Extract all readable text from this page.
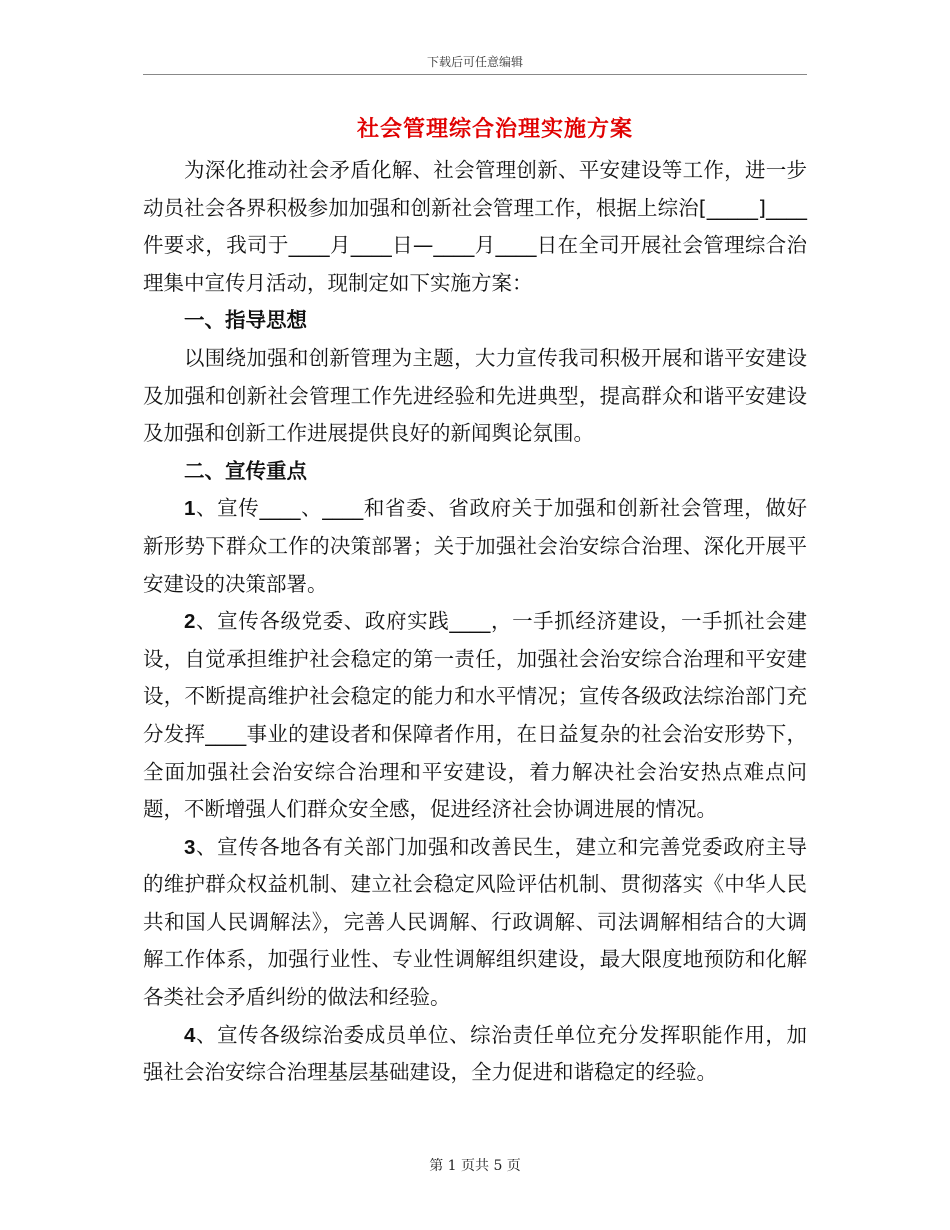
下载后可任意编辑
社会管理综合治理实施方案

为深化推动社会矛盾化解、社会管理创新、平安建设等工作，进一步动员社会各界积极参加加强和创新社会管理工作，根据上综治[_____]____件要求，我司于____月____日—____月____日在全司开展社会管理综合治理集中宣传月活动，现制定如下实施方案：

一、指导思想

以围绕加强和创新管理为主题，大力宣传我司积极开展和谐平安建设及加强和创新社会管理工作先进经验和先进典型，提高群众和谐平安建设及加强和创新工作进展提供良好的新闻舆论氛围。

二、宣传重点

1、宣传____、____和省委、省政府关于加强和创新社会管理，做好新形势下群众工作的决策部署；关于加强社会治安综合治理、深化开展平安建设的决策部署。

2、宣传各级党委、政府实践____，一手抓经济建设，一手抓社会建设，自觉承担维护社会稳定的第一责任，加强社会治安综合治理和平安建设，不断提高维护社会稳定的能力和水平情况；宣传各级政法综治部门充分发挥____事业的建设者和保障者作用，在日益复杂的社会治安形势下，全面加强社会治安综合治理和平安建设，着力解决社会治安热点难点问题，不断增强人们群众安全感，促进经济社会协调进展的情况。

3、宣传各地各有关部门加强和改善民生，建立和完善党委政府主导的维护群众权益机制、建立社会稳定风险评估机制、贯彻落实《中华人民共和国人民调解法》，完善人民调解、行政调解、司法调解相结合的大调解工作体系，加强行业性、专业性调解组织建设，最大限度地预防和化解各类社会矛盾纠纷的做法和经验。

4、宣传各级综治委成员单位、综治责任单位充分发挥职能作用，加强社会治安综合治理基层基础建设，全力促进和谐稳定的经验。

第 1 页共 5 页
